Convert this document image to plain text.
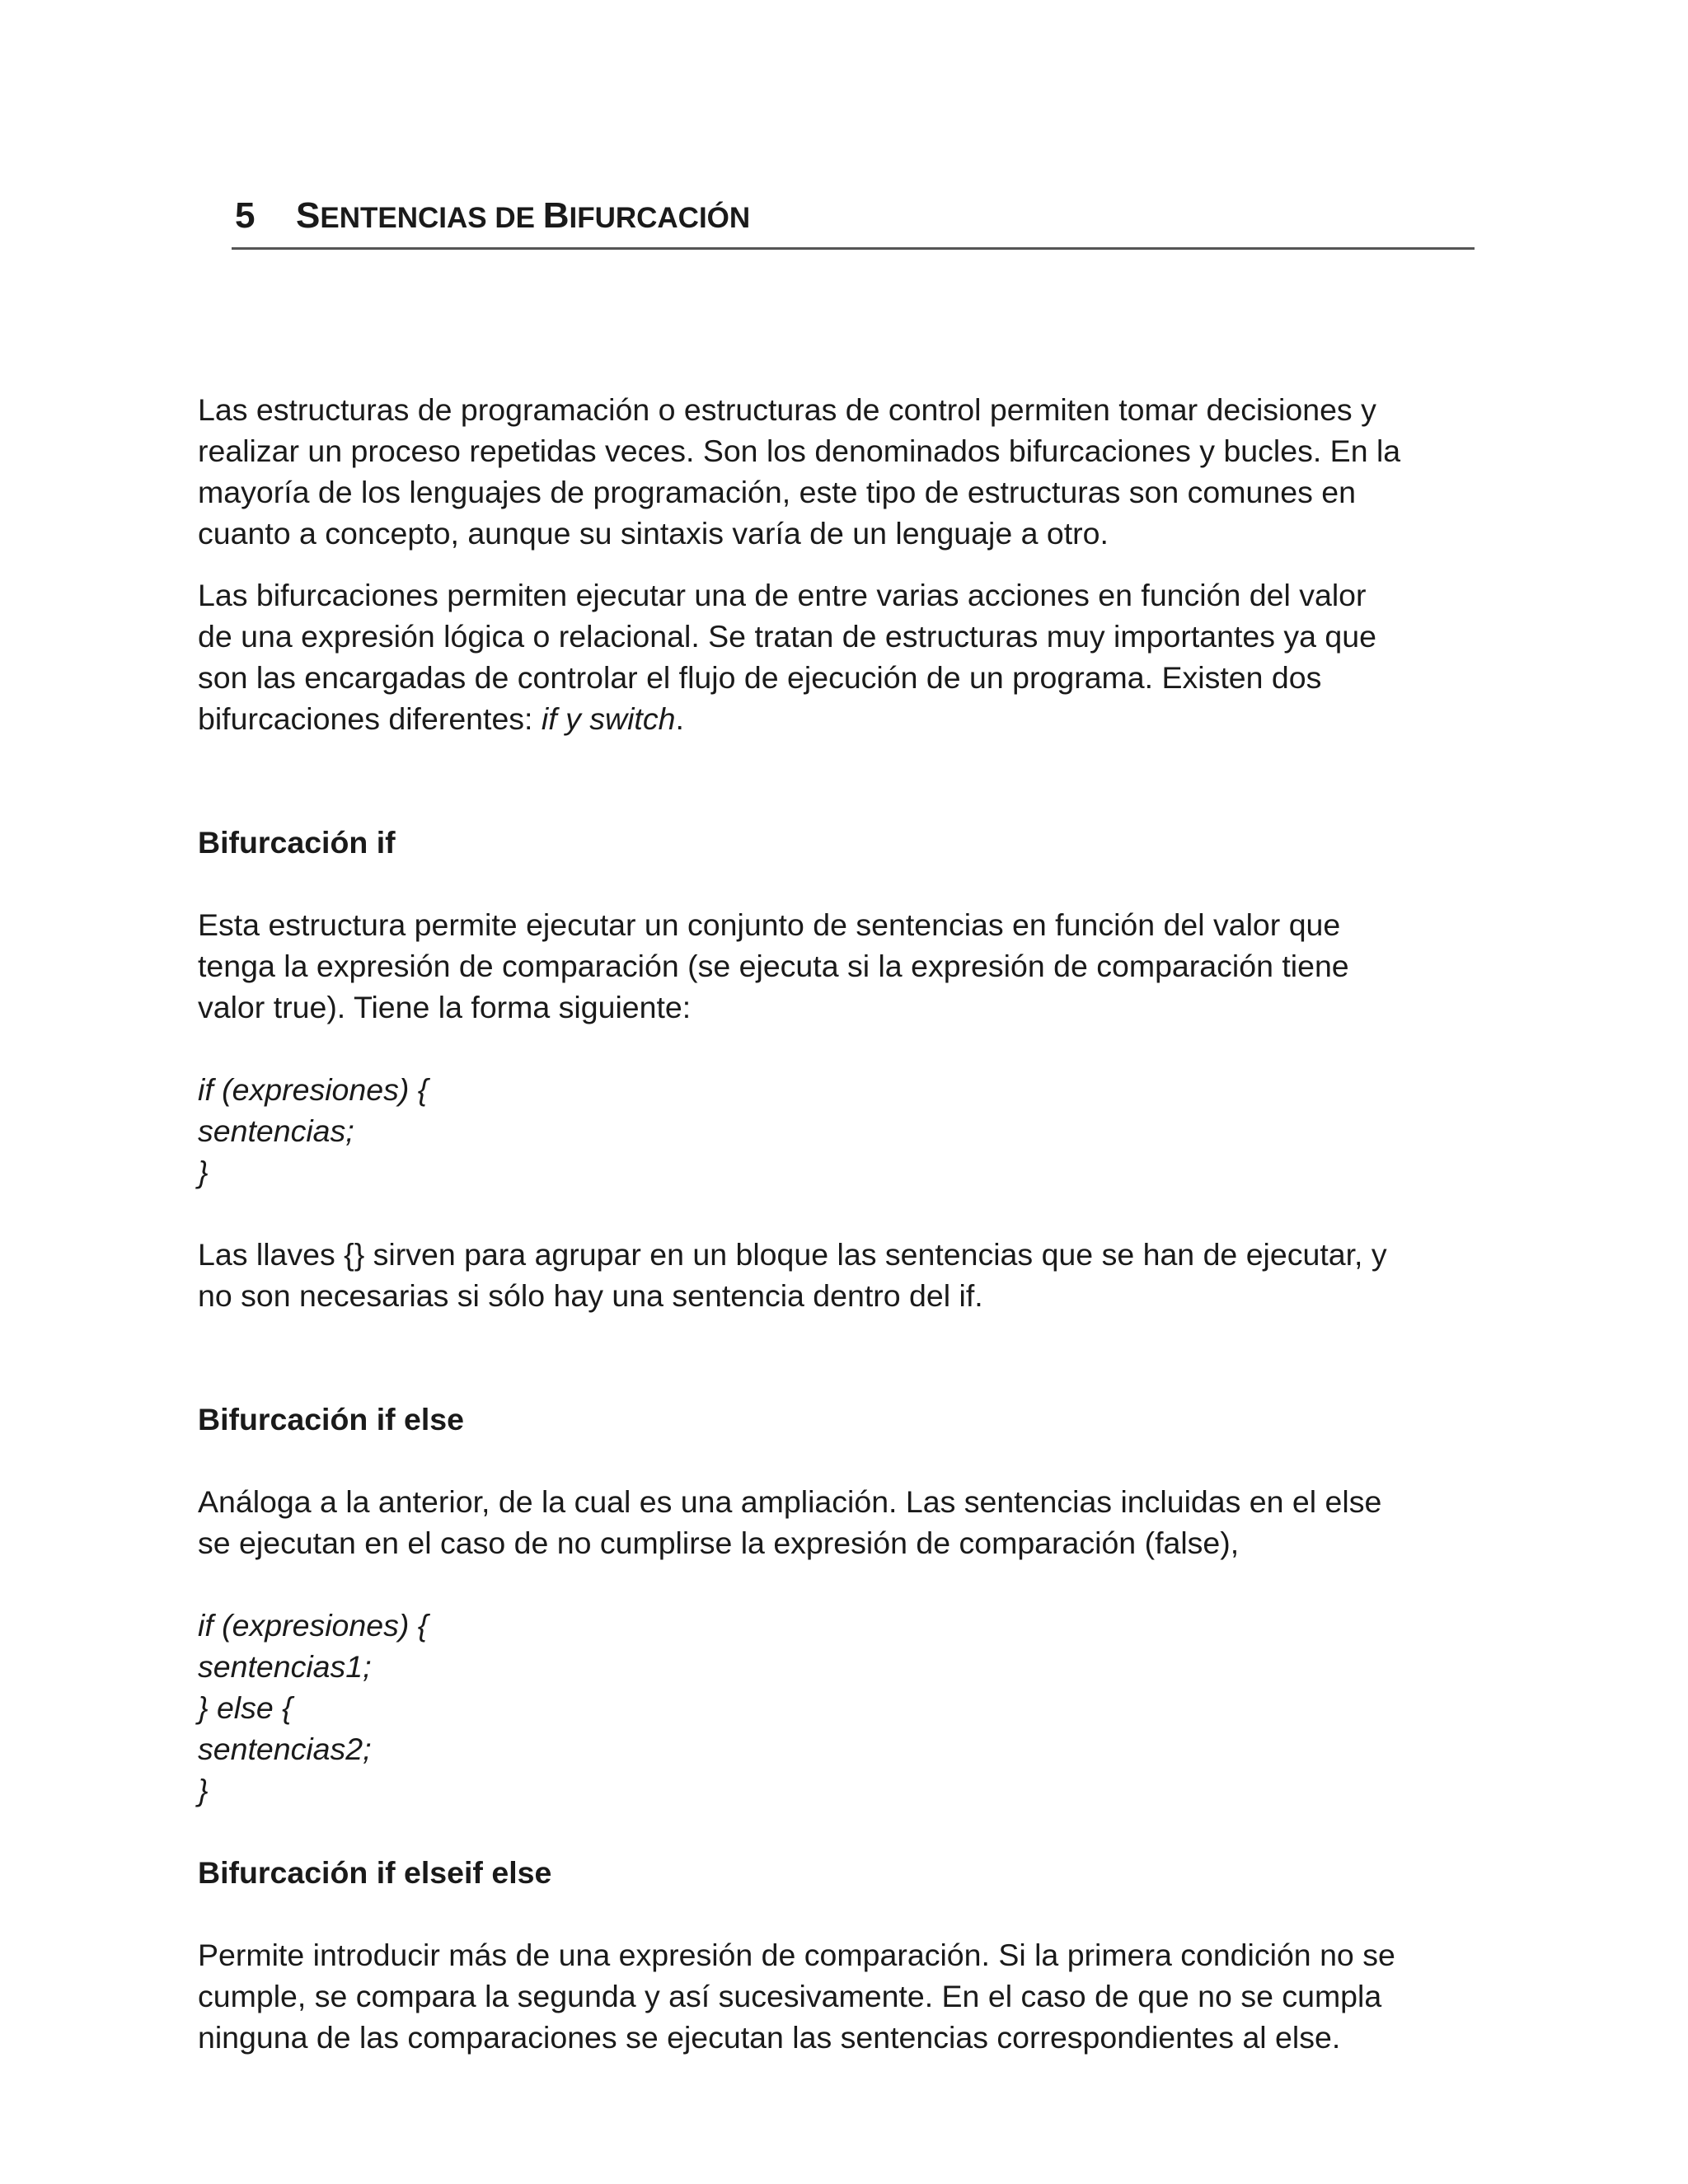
5 SENTENCIAS DE BIFURCACIÓN

Las estructuras de programación o estructuras de control permiten tomar decisiones y
realizar un proceso repetidas veces. Son los denominados bifurcaciones y bucles. En la
mayoría de los lenguajes de programación, este tipo de estructuras son comunes en
cuanto a concepto, aunque su sintaxis varía de un lenguaje a otro.

Las bifurcaciones permiten ejecutar una de entre varias acciones en función del valor
de una expresión lógica o relacional. Se tratan de estructuras muy importantes ya que
son las encargadas de controlar el flujo de ejecución de un programa. Existen dos
bifurcaciones diferentes: if y switch.

Bifurcación if

Esta estructura permite ejecutar un conjunto de sentencias en función del valor que
tenga la expresión de comparación (se ejecuta si la expresión de comparación tiene
valor true). Tiene la forma siguiente:

if (expresiones) {
sentencias;
}

Las llaves {} sirven para agrupar en un bloque las sentencias que se han de ejecutar, y
no son necesarias si sólo hay una sentencia dentro del if.

Bifurcación if else

Análoga a la anterior, de la cual es una ampliación. Las sentencias incluidas en el else
se ejecutan en el caso de no cumplirse la expresión de comparación (false),

if (expresiones) {
sentencias1;
} else {
sentencias2;
}

Bifurcación if elseif else

Permite introducir más de una expresión de comparación. Si la primera condición no se
cumple, se compara la segunda y así sucesivamente. En el caso de que no se cumpla
ninguna de las comparaciones se ejecutan las sentencias correspondientes al else.
